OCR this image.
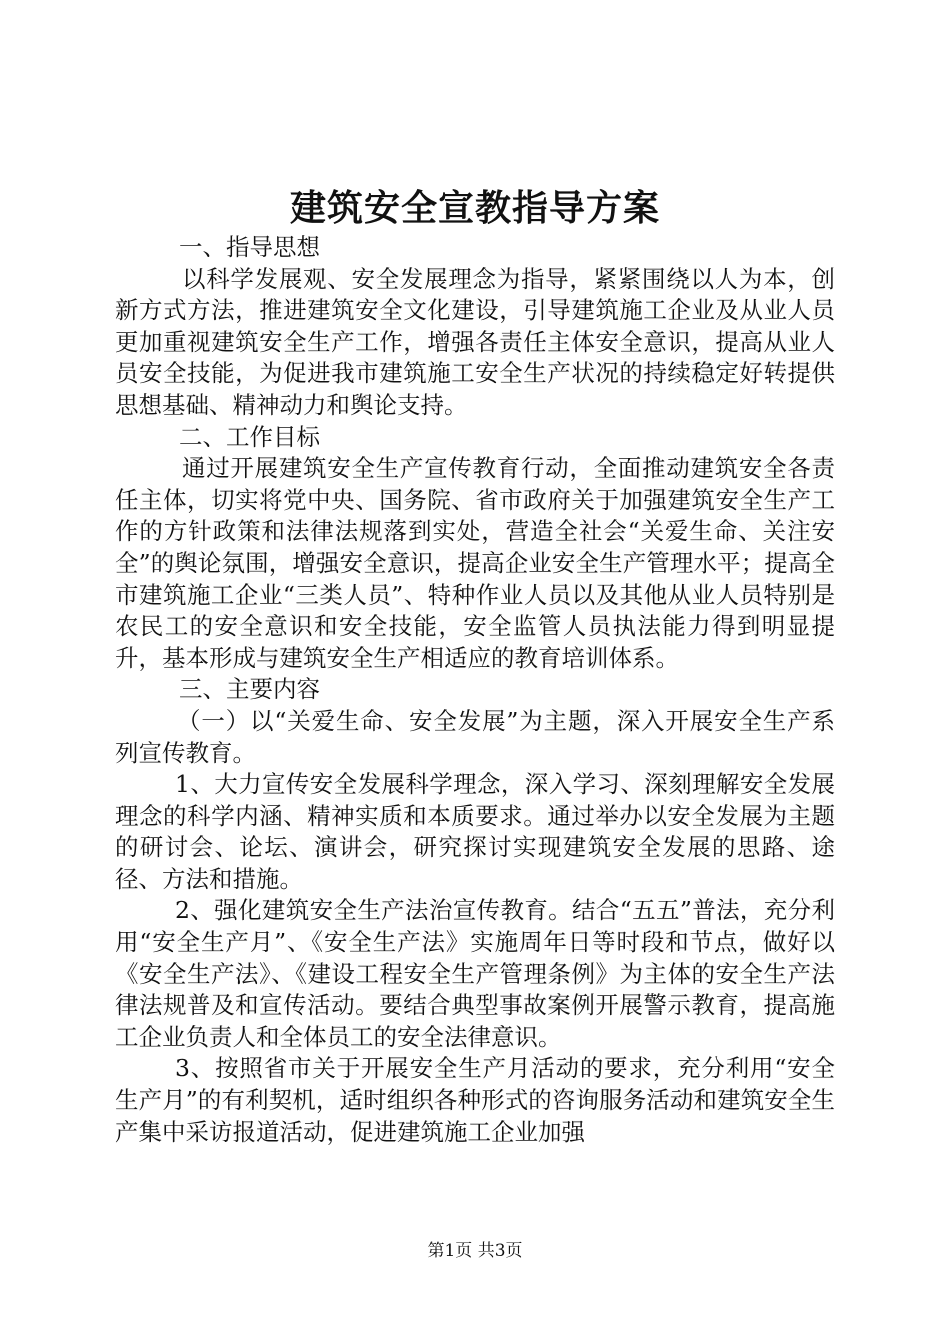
建筑安全宣教指导方案

一、指导思想

以科学发展观、安全发展理念为指导，紧紧围绕以人为本，创新方式方法，推进建筑安全文化建设，引导建筑施工企业及从业人员更加重视建筑安全生产工作，增强各责任主体安全意识，提高从业人员安全技能，为促进我市建筑施工安全生产状况的持续稳定好转提供思想基础、精神动力和舆论支持。

二、工作目标

通过开展建筑安全生产宣传教育行动，全面推动建筑安全各责任主体，切实将党中央、国务院、省市政府关于加强建筑安全生产工作的方针政策和法律法规落到实处，营造全社会“关爱生命、关注安全”的舆论氛围，增强安全意识，提高企业安全生产管理水平；提高全市建筑施工企业“三类人员”、特种作业人员以及其他从业人员特别是农民工的安全意识和安全技能，安全监管人员执法能力得到明显提升，基本形成与建筑安全生产相适应的教育培训体系。

三、主要内容

（一）以“关爱生命、安全发展”为主题，深入开展安全生产系列宣传教育。

1、大力宣传安全发展科学理念，深入学习、深刻理解安全发展理念的科学内涵、精神实质和本质要求。通过举办以安全发展为主题的研讨会、论坛、演讲会，研究探讨实现建筑安全发展的思路、途径、方法和措施。

2、强化建筑安全生产法治宣传教育。结合“五五”普法，充分利用“安全生产月”、《安全生产法》实施周年日等时段和节点，做好以《安全生产法》、《建设工程安全生产管理条例》为主体的安全生产法律法规普及和宣传活动。要结合典型事故案例开展警示教育，提高施工企业负责人和全体员工的安全法律意识。

3、按照省市关于开展安全生产月活动的要求，充分利用“安全生产月”的有利契机，适时组织各种形式的咨询服务活动和建筑安全生产集中采访报道活动，促进建筑施工企业加强

第1页 共3页
